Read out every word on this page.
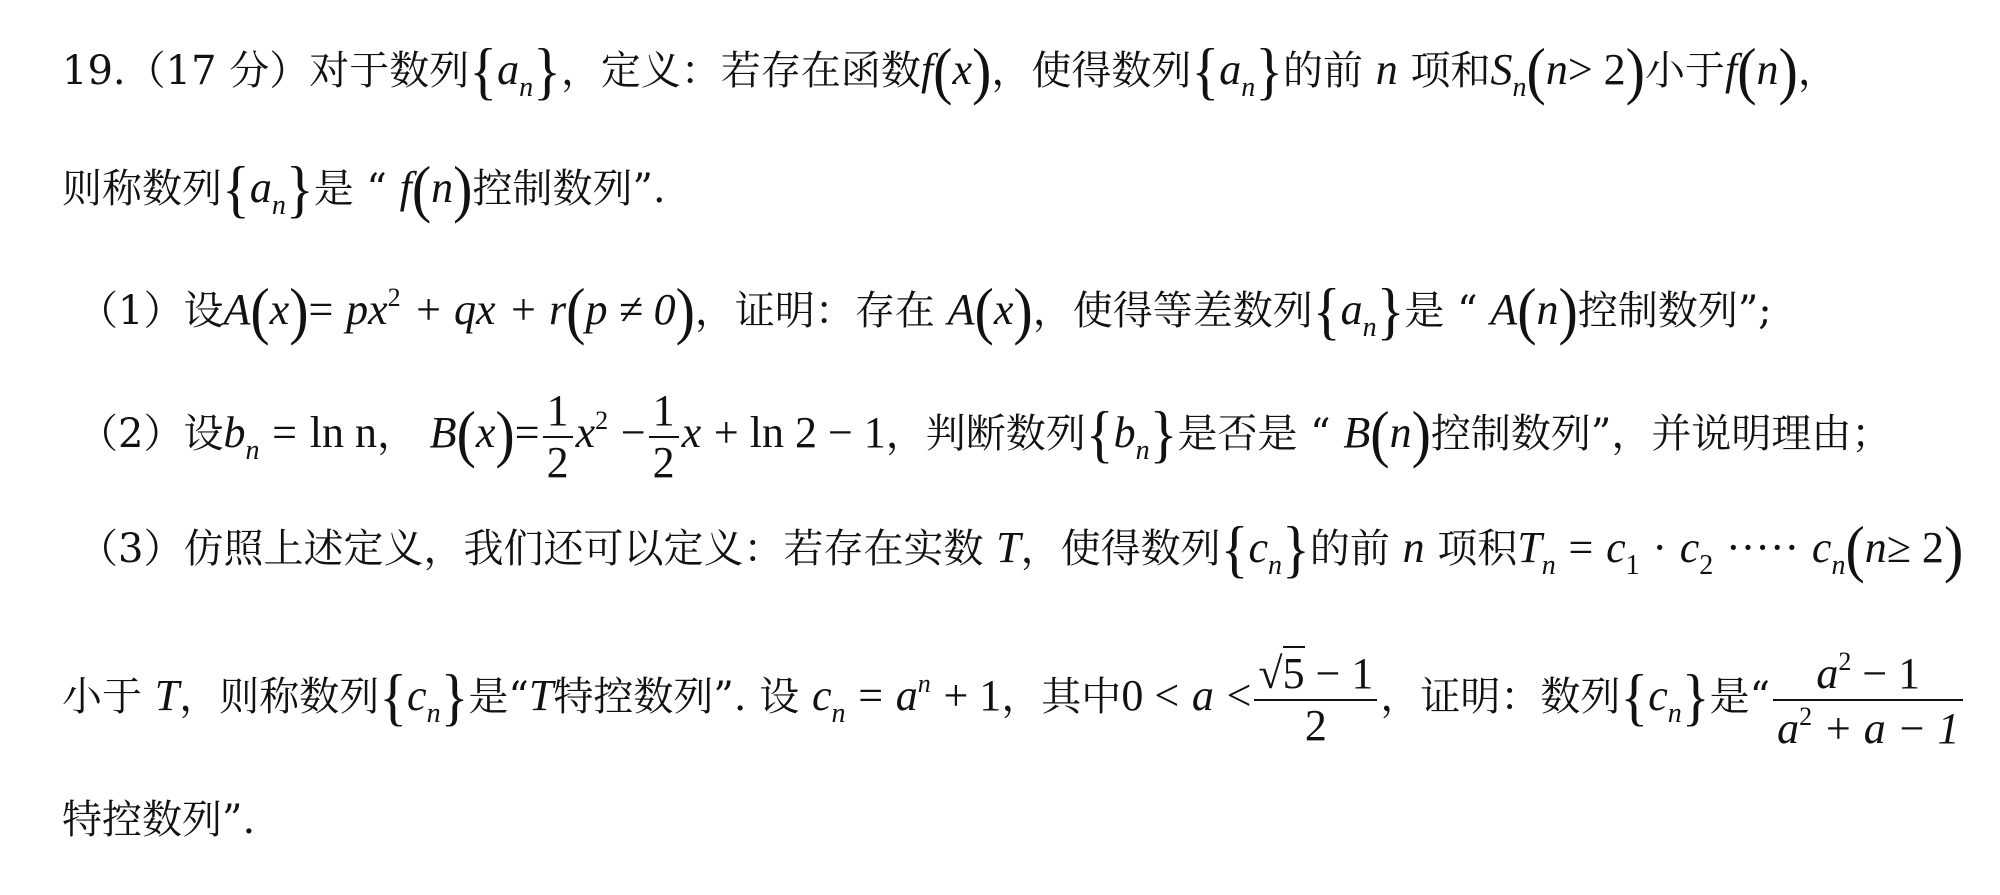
19.（17 分）对于数列$\{a_n\}$，定义：若存在函数f(x)，使得数列$\{a_n\}$的前 n 项和$S_n(n> 2)$小于f(n)，
则称数列$\{a_n\}$是 “ f(n)控制数列”.
（1）设$A(x)= px^2$ + qx + r(p ≠ 0)，证明：存在 A(x)，使得等差数列$\{a_n\}$是 “ A(n)控制数列”;
（2）设$b_n = \ln n$， $B(x)= \frac{1}{2} x^2 - \frac{1}{2}$ x + ln 2 − 1，判断数列$\{b_n\}$是否是 “ B(n)控制数列”，并说明理由；
（3）仿照上述定义，我们还可以定义：若存在实数 T，使得数列$\{c_n\}$的前 n 项积$T_n = c_1 \cdot c_2$ ····· $c_n(n\ge 2)$
小于 T，则称数列$\{c_n\}$是“T特控数列”. 设 $c_n = a^n + 1$，其中$0 < a < \frac{√5 - 1}{2}$ ，证明：数列$\{c_n\}$是“ $\frac{a^2 - 1}{a^2 + a - 1}$
特控数列”.
